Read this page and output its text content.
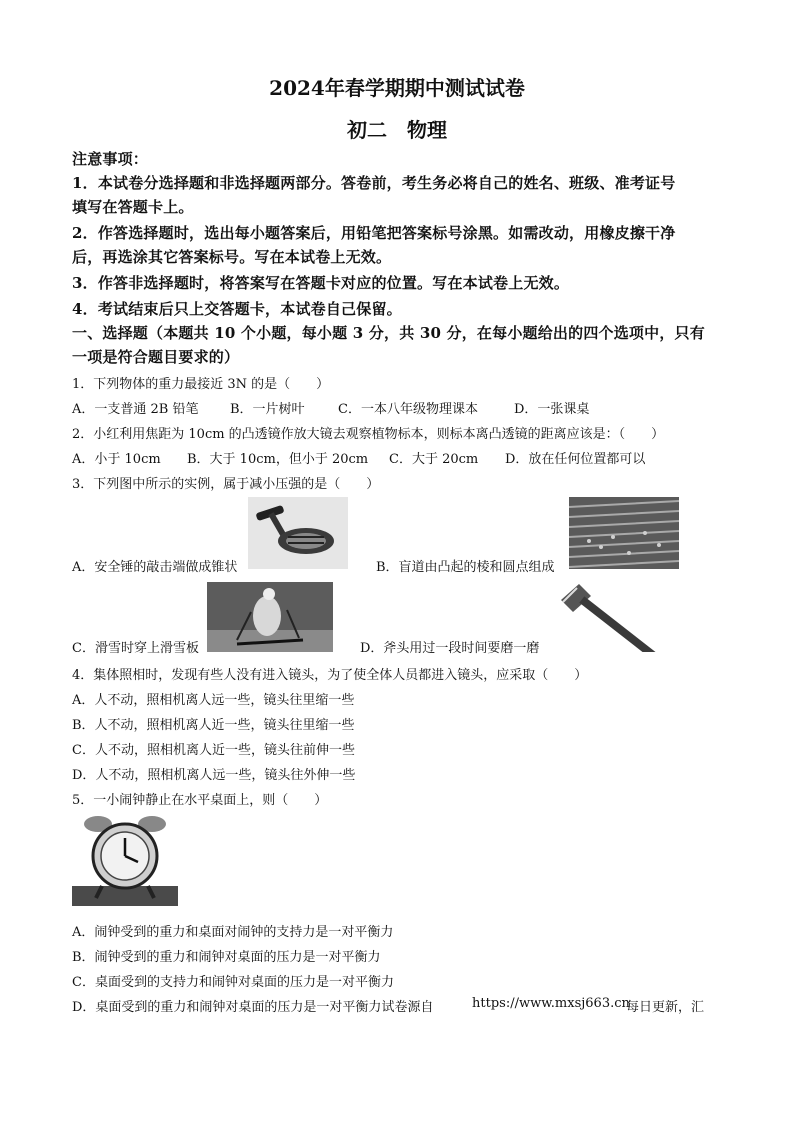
2024年春学期期中测试试卷
初二　物理
注意事项：
1．本试卷分选择题和非选择题两部分。答卷前，考生务必将自己的姓名、班级、准考证号
填写在答题卡上。
2．作答选择题时，选出每小题答案后，用铅笔把答案标号涂黑。如需改动，用橡皮擦干净
后，再选涂其它答案标号。写在本试卷上无效。
3．作答非选择题时，将答案写在答题卡对应的位置。写在本试卷上无效。
4．考试结束后只上交答题卡，本试卷自己保留。
一、选择题（本题共 10 个小题，每小题 3 分，共 30 分，在每小题给出的四个选项中，只有
一项是符合题目要求的）
1．下列物体的重力最接近 3N 的是（　　）
A．一支普通 2B 铅笔 B．一片树叶	C．一本八年级物理课本	D．一张课桌
2．小红利用焦距为 10cm 的凸透镜作放大镜去观察植物标本，则标本离凸透镜的距离应该是：（　　）
A．小于 10cm B．大于 10cm，但小于 20cm C．大于 20cm D．放在任何位置都可以
3．下列图中所示的实例，属于减小压强的是（　　）
A．安全锤的敲击端做成锥状	B．盲道由凸起的棱和圆点组成
C．滑雪时穿上滑雪板	D．斧头用过一段时间要磨一磨
4．集体照相时，发现有些人没有进入镜头，为了使全体人员都进入镜头，应采取（　　）
A．人不动，照相机离人远一些，镜头往里缩一些
B．人不动，照相机离人近一些，镜头往里缩一些
C．人不动，照相机离人近一些，镜头往前伸一些
D．人不动，照相机离人远一些，镜头往外伸一些
5．一小闹钟静止在水平桌面上，则（　　）
A．闹钟受到的重力和桌面对闹钟的支持力是一对平衡力
B．闹钟受到的重力和闹钟对桌面的压力是一对平衡力
C．桌面受到的支持力和闹钟对桌面的压力是一对平衡力
D．桌面受到的重力和闹钟对桌面的压力是一对平衡力试卷源自	https://www.mxsj663.cn
每日更新，汇
